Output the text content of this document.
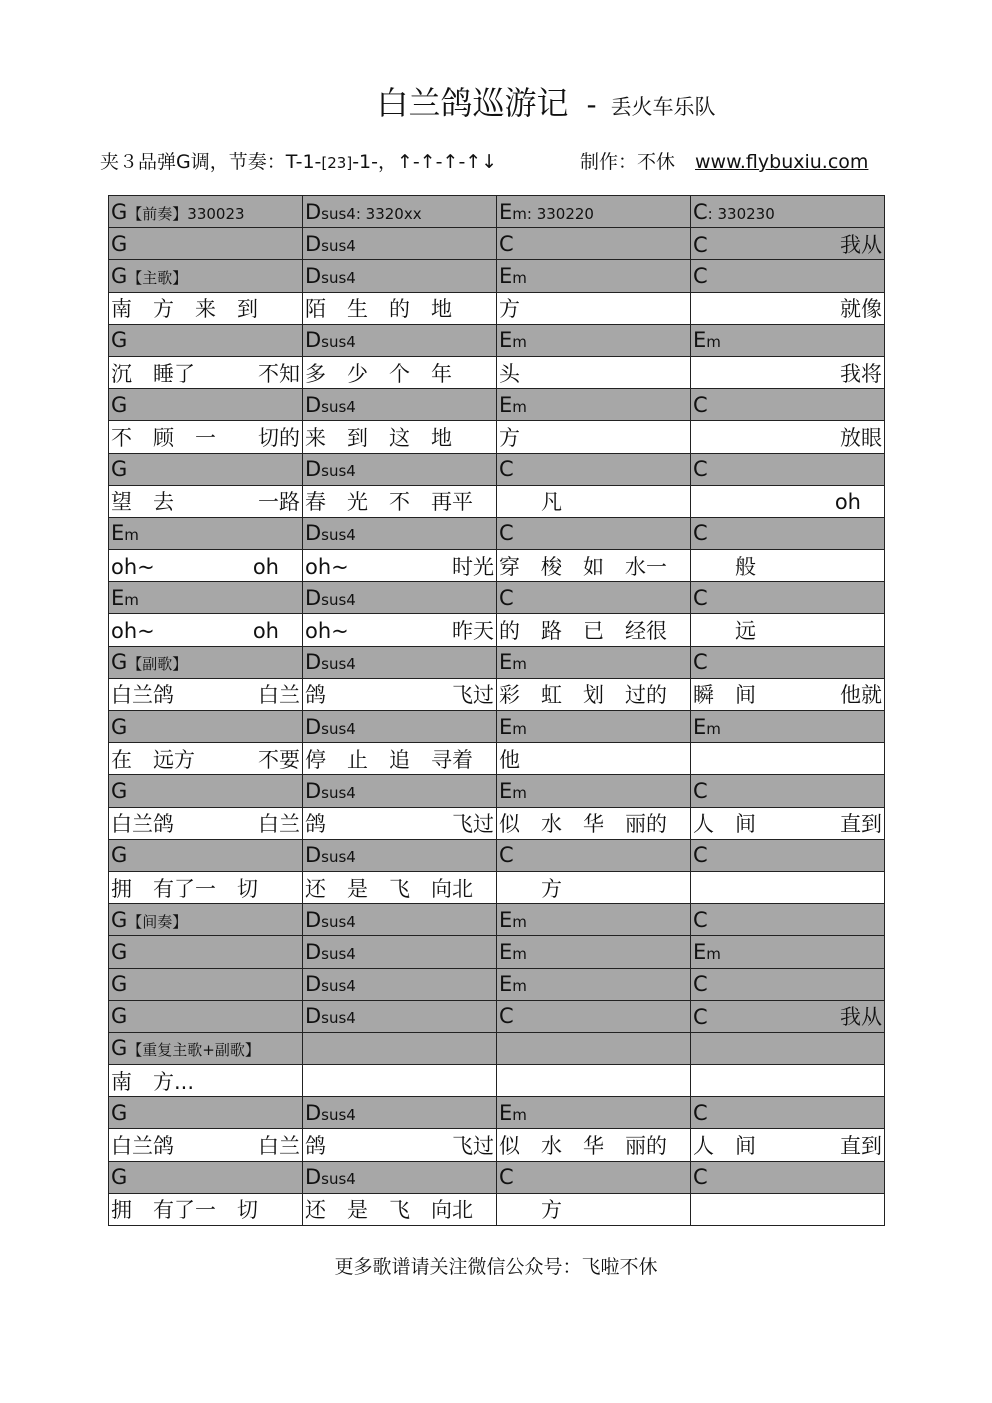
白兰鸽巡游记 - 丢火车乐队
夹３品弹G调，节奏：T-1-[23]-1-，↑-↑-↑-↑↓	制作：不休 www.flybuxiu.com
G【前奏】330023	Dsus4: 3320xx	Em: 330220	C: 330230

G	Dsus4	C	C 我从

G【主歌】	Dsus4	Em	C

南　方　来　到	陌　生　的　地	方	就像

G	Dsus4	Em	Em

沉　睡了　 不知	多　少　个　年	头	我将

G	Dsus4	Em	C

不　顾　一　 切的	来　到　这　地	方	放眼

G	Dsus4	C	C

望　去 一路	春　光　不　再平	　　凡	oh　

Em	Dsus4	C	C

oh~ oh　	oh~ 时光	穿　梭　如　水一	　　般

Em	Dsus4	C	C

oh~ oh　	oh~ 昨天	的　路　已　经很	　　远

G【副歌】	Dsus4	Em	C

白兰鸽 白兰	鸽 飞过	彩　虹　划　过的	瞬　间 他就

G	Dsus4	Em	Em

在　远方 不要	停　止　追　寻着	他	

G	Dsus4	Em	C

白兰鸽 白兰	鸽 飞过	似　水　华　丽的	人　间 直到

G	Dsus4	C	C

拥　有了一　切	还　是　飞　向北	　　方	

G【间奏】	Dsus4	Em	C

G	Dsus4	Em	Em

G	Dsus4	Em	C

G	Dsus4	C	C 我从

G【重复主歌+副歌】			

南　方...			

G	Dsus4	Em	C

白兰鸽 白兰	鸽 飞过	似　水　华　丽的	人　间 直到

G	Dsus4	C	C

拥　有了一　切	还　是　飞　向北	　　方	

更多歌谱请关注微信公众号：飞啦不休
